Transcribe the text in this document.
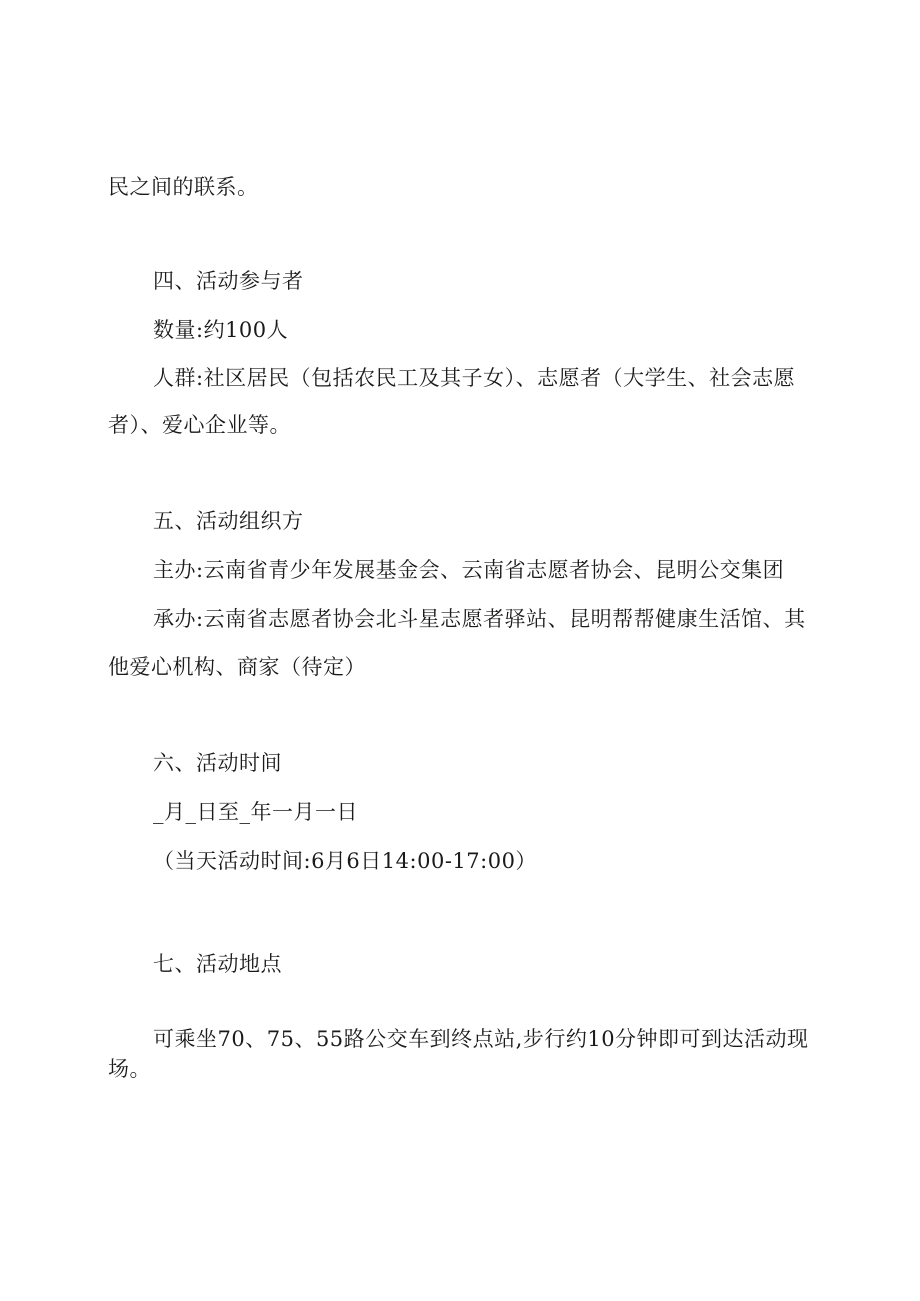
民之间的联系。

四、活动参与者

数量:约100人

人群:社区居民（包括农民工及其子女）、志愿者（大学生、社会志愿

者）、爱心企业等。

五、活动组织方

主办:云南省青少年发展基金会、云南省志愿者协会、昆明公交集团

承办:云南省志愿者协会北斗星志愿者驿站、昆明帮帮健康生活馆、其

他爱心机构、商家（待定）

六、活动时间

_月_日至_年一月一日

（当天活动时间:6月6日14:00-17:00）

七、活动地点

可乘坐70、75、55路公交车到终点站,步行约10分钟即可到达活动现

场。
